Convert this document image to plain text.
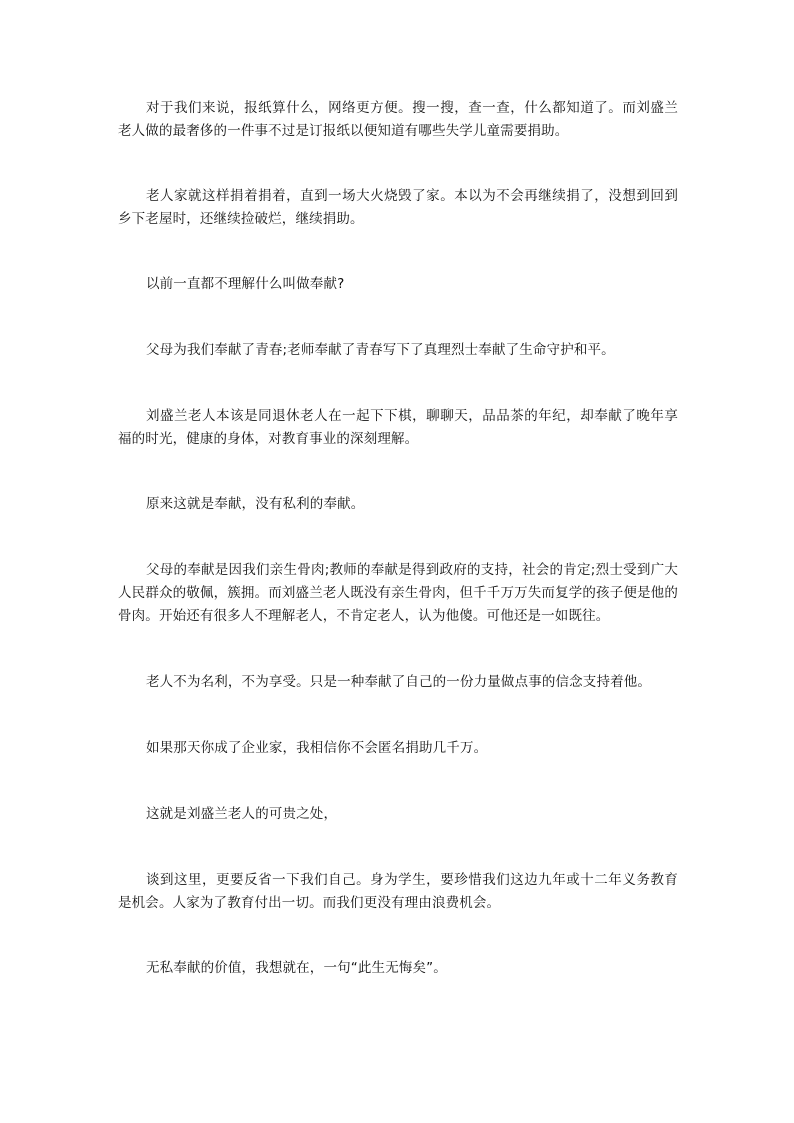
对于我们来说，报纸算什么，网络更方便。搜一搜，查一查，什么都知道了。而刘盛兰老人做的最奢侈的一件事不过是订报纸以便知道有哪些失学儿童需要捐助。

老人家就这样捐着捐着，直到一场大火烧毁了家。本以为不会再继续捐了，没想到回到乡下老屋时，还继续捡破烂，继续捐助。

以前一直都不理解什么叫做奉献?

父母为我们奉献了青春;老师奉献了青春写下了真理烈士奉献了生命守护和平。

刘盛兰老人本该是同退休老人在一起下下棋，聊聊天，品品茶的年纪，却奉献了晚年享福的时光，健康的身体，对教育事业的深刻理解。

原来这就是奉献，没有私利的奉献。

父母的奉献是因我们亲生骨肉;教师的奉献是得到政府的支持，社会的肯定;烈士受到广大人民群众的敬佩，簇拥。而刘盛兰老人既没有亲生骨肉，但千千万万失而复学的孩子便是他的骨肉。开始还有很多人不理解老人，不肯定老人，认为他傻。可他还是一如既往。

老人不为名利，不为享受。只是一种奉献了自己的一份力量做点事的信念支持着他。

如果那天你成了企业家，我相信你不会匿名捐助几千万。

这就是刘盛兰老人的可贵之处，

谈到这里，更要反省一下我们自己。身为学生，要珍惜我们这边九年或十二年义务教育是机会。人家为了教育付出一切。而我们更没有理由浪费机会。

无私奉献的价值，我想就在，一句“此生无悔矣”。
